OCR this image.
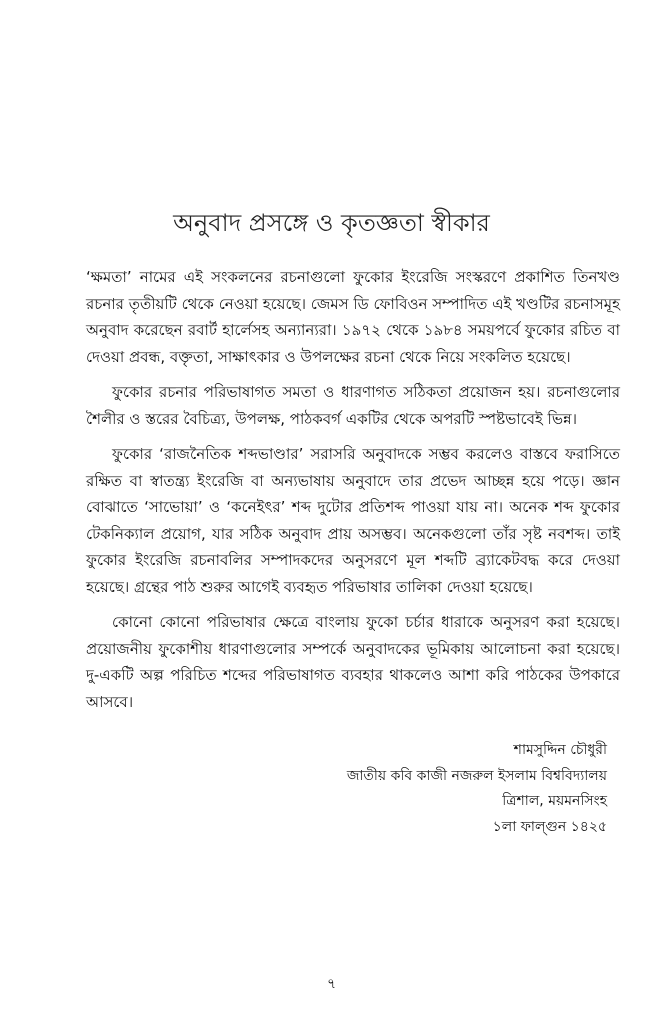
অনুবাদ প্রসঙ্গে ও কৃতজ্ঞতা স্বীকার

‘ক্ষমতা’ নামের এই সংকলনের রচনাগুলো ফুকোর ইংরেজি সংস্করণে প্রকাশিত তিনখণ্ড রচনার তৃতীয়টি থেকে নেওয়া হয়েছে। জেমস ডি ফোবিওন সম্পাদিত এই খণ্ডটির রচনাসমূহ অনুবাদ করেছেন রবার্ট হার্লেসহ অন্যান্যরা। ১৯৭২ থেকে ১৯৮৪ সময়পর্বে ফুকোর রচিত বা দেওয়া প্রবন্ধ, বক্তৃতা, সাক্ষাৎকার ও উপলক্ষের রচনা থেকে নিয়ে সংকলিত হয়েছে।

ফুকোর রচনার পরিভাষাগত সমতা ও ধারণাগত সঠিকতা প্রয়োজন হয়। রচনাগুলোর শৈলীর ও স্তরের বৈচিত্র্য, উপলক্ষ, পাঠকবর্গ একটির থেকে অপরটি স্পষ্টভাবেই ভিন্ন।

ফুকোর ‘রাজনৈতিক শব্দভাণ্ডার’ সরাসরি অনুবাদকে সম্ভব করলেও বাস্তবে ফরাসিতে রক্ষিত বা স্বাতন্ত্র্য ইংরেজি বা অন্যভাষায় অনুবাদে তার প্রভেদ আচ্ছন্ন হয়ে পড়ে। জ্ঞান বোঝাতে ‘সাভোয়া’ ও ‘কনেইৎর’ শব্দ দুটোর প্রতিশব্দ পাওয়া যায় না। অনেক শব্দ ফুকোর টেকনিক্যাল প্রয়োগ, যার সঠিক অনুবাদ প্রায় অসম্ভব। অনেকগুলো তাঁর সৃষ্ট নবশব্দ। তাই ফুকোর ইংরেজি রচনাবলির সম্পাদকদের অনুসরণে মূল শব্দটি ব্র্যাকেটবদ্ধ করে দেওয়া হয়েছে। গ্রন্থের পাঠ শুরুর আগেই ব্যবহৃত পরিভাষার তালিকা দেওয়া হয়েছে।

কোনো কোনো পরিভাষার ক্ষেত্রে বাংলায় ফুকো চর্চার ধারাকে অনুসরণ করা হয়েছে। প্রয়োজনীয় ফুকোশীয় ধারণাগুলোর সম্পর্কে অনুবাদকের ভূমিকায় আলোচনা করা হয়েছে। দু-একটি অল্প পরিচিত শব্দের পরিভাষাগত ব্যবহার থাকলেও আশা করি পাঠকের উপকারে আসবে।

শামসুদ্দিন চৌধুরী
জাতীয় কবি কাজী নজরুল ইসলাম বিশ্ববিদ্যালয়
ত্রিশাল, ময়মনসিংহ
১লা ফাল্গুন ১৪২৫
৭
